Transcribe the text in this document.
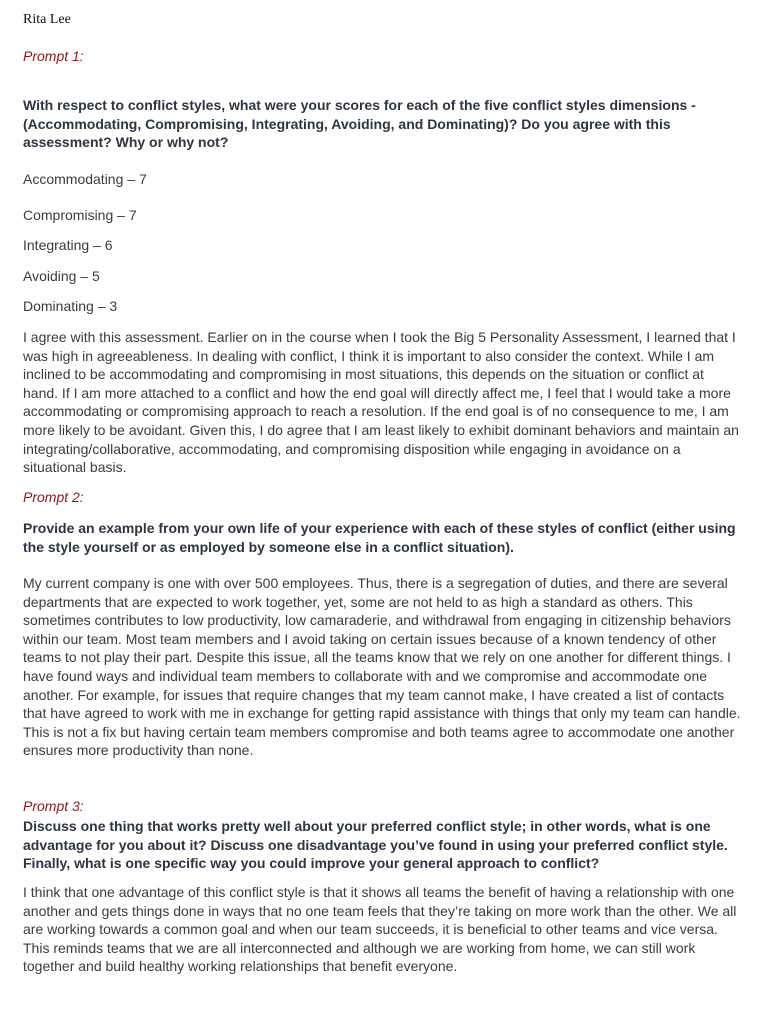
Rita Lee
Prompt 1:
With respect to conflict styles, what were your scores for each of the five conflict styles dimensions -(Accommodating, Compromising, Integrating, Avoiding, and Dominating)? Do you agree with this assessment? Why or why not?
Accommodating – 7
Compromising – 7
Integrating – 6
Avoiding – 5
Dominating – 3
I agree with this assessment. Earlier on in the course when I took the Big 5 Personality Assessment, I learned that I was high in agreeableness. In dealing with conflict, I think it is important to also consider the context. While I am inclined to be accommodating and compromising in most situations, this depends on the situation or conflict at hand. If I am more attached to a conflict and how the end goal will directly affect me, I feel that I would take a more accommodating or compromising approach to reach a resolution. If the end goal is of no consequence to me, I am more likely to be avoidant. Given this, I do agree that I am least likely to exhibit dominant behaviors and maintain an integrating/collaborative, accommodating, and compromising disposition while engaging in avoidance on a situational basis.
Prompt 2:
Provide an example from your own life of your experience with each of these styles of conflict (either using the style yourself or as employed by someone else in a conflict situation).
My current company is one with over 500 employees. Thus, there is a segregation of duties, and there are several departments that are expected to work together, yet, some are not held to as high a standard as others. This sometimes contributes to low productivity, low camaraderie, and withdrawal from engaging in citizenship behaviors within our team. Most team members and I avoid taking on certain issues because of a known tendency of other teams to not play their part. Despite this issue, all the teams know that we rely on one another for different things. I have found ways and individual team members to collaborate with and we compromise and accommodate one another. For example, for issues that require changes that my team cannot make, I have created a list of contacts that have agreed to work with me in exchange for getting rapid assistance with things that only my team can handle. This is not a fix but having certain team members compromise and both teams agree to accommodate one another ensures more productivity than none.
Prompt 3:
Discuss one thing that works pretty well about your preferred conflict style; in other words, what is one advantage for you about it? Discuss one disadvantage you’ve found in using your preferred conflict style. Finally, what is one specific way you could improve your general approach to conflict?
I think that one advantage of this conflict style is that it shows all teams the benefit of having a relationship with one another and gets things done in ways that no one team feels that they’re taking on more work than the other. We all are working towards a common goal and when our team succeeds, it is beneficial to other teams and vice versa. This reminds teams that we are all interconnected and although we are working from home, we can still work together and build healthy working relationships that benefit everyone.
